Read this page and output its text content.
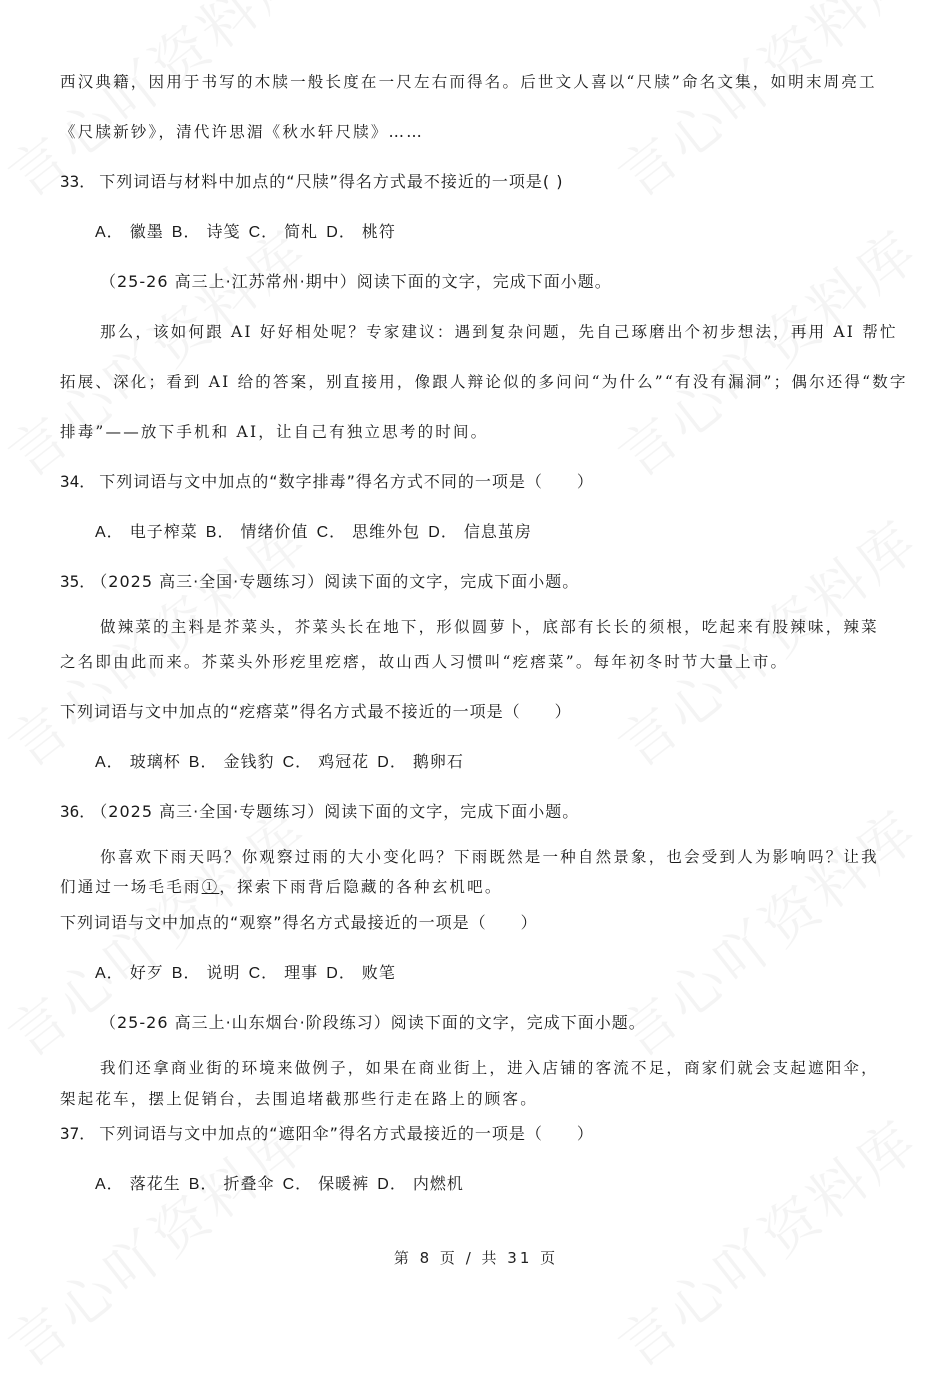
西汉典籍，因用于书写的木牍一般长度在一尺左右而得名。后世文人喜以“尺牍”命名文集，如明末周亮工
《尺牍新钞》，清代许思湄《秋水轩尺牍》……
33． 下列词语与材料中加点的“尺牍”得名方式最不接近的一项是( )
A． 徽墨 B． 诗笺 C． 简札 D． 桃符
（25-26 高三上·江苏常州·期中）阅读下面的文字，完成下面小题。
那么，该如何跟 AI 好好相处呢？专家建议：遇到复杂问题，先自己琢磨出个初步想法，再用 AI 帮忙
拓展、深化；看到 AI 给的答案，别直接用，像跟人辩论似的多问问“为什么”“有没有漏洞”；偶尔还得“数字
排毒”——放下手机和 AI，让自己有独立思考的时间。
34． 下列词语与文中加点的“数字排毒”得名方式不同的一项是（　　）
A． 电子榨菜 B． 情绪价值 C． 思维外包 D． 信息茧房
35． （2025 高三·全国·专题练习）阅读下面的文字，完成下面小题。
做辣菜的主料是芥菜头，芥菜头长在地下，形似圆萝卜，底部有长长的须根，吃起来有股辣味，辣菜
之名即由此而来。芥菜头外形疙里疙瘩，故山西人习惯叫“疙瘩菜”。每年初冬时节大量上市。
下列词语与文中加点的“疙瘩菜”得名方式最不接近的一项是（　　）
A． 玻璃杯 B． 金钱豹 C． 鸡冠花 D． 鹅卵石
36． （2025 高三·全国·专题练习）阅读下面的文字，完成下面小题。
你喜欢下雨天吗？你观察过雨的大小变化吗？下雨既然是一种自然景象，也会受到人为影响吗？让我
们通过一场毛毛雨①，探索下雨背后隐藏的各种玄机吧。
下列词语与文中加点的“观察”得名方式最接近的一项是（　　）
A． 好歹 B． 说明 C． 理事 D． 败笔
（25-26 高三上·山东烟台·阶段练习）阅读下面的文字，完成下面小题。
我们还拿商业街的环境来做例子，如果在商业街上，进入店铺的客流不足，商家们就会支起遮阳伞，
架起花车，摆上促销台，去围追堵截那些行走在路上的顾客。
37． 下列词语与文中加点的“遮阳伞”得名方式最接近的一项是（　　）
A． 落花生 B． 折叠伞 C． 保暖裤 D． 内燃机
第 8 页 / 共 31 页
